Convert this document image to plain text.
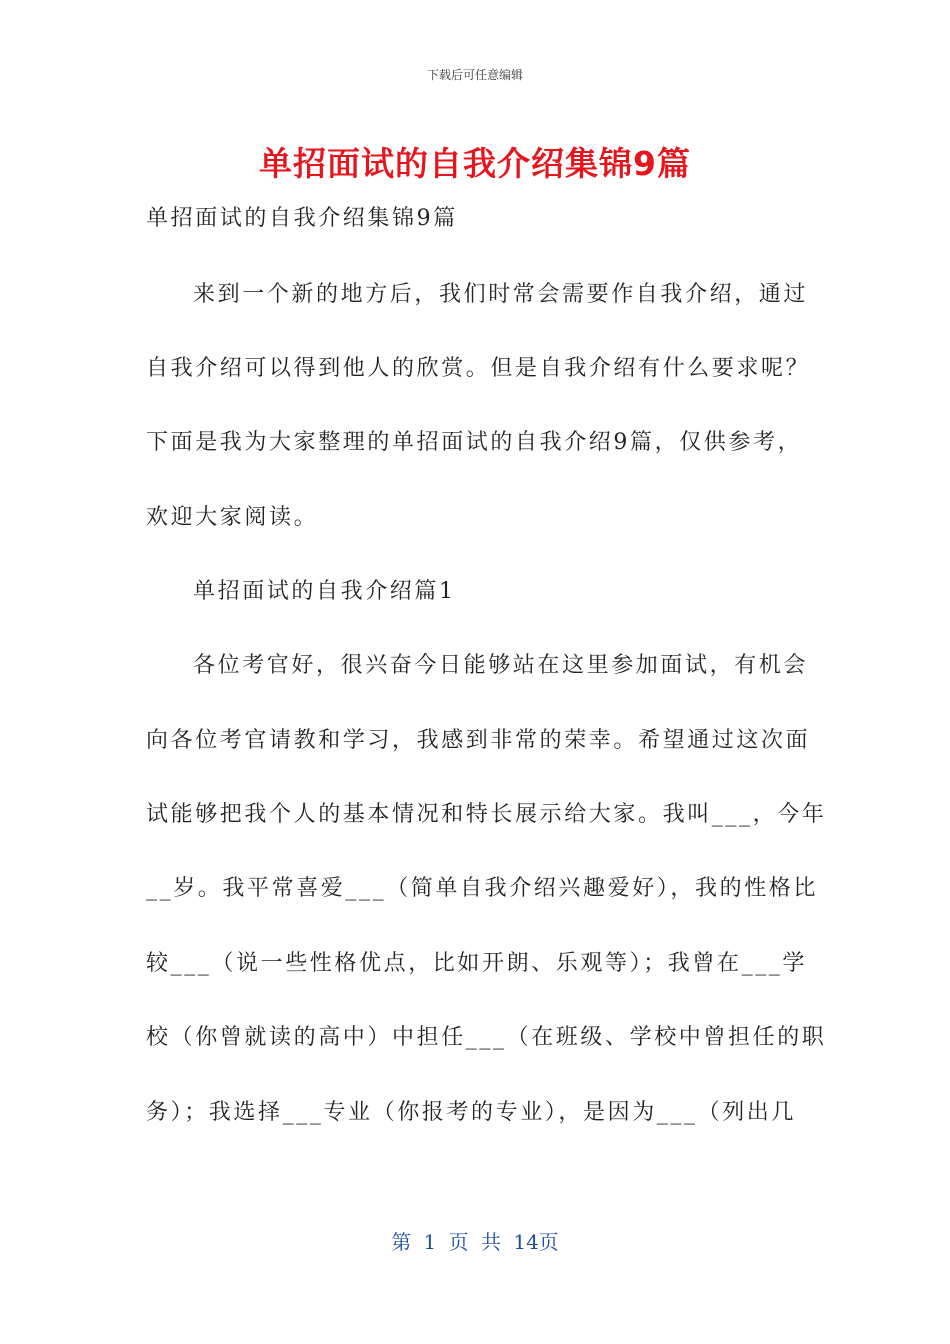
下载后可任意编辑
单招面试的自我介绍集锦9篇
单招面试的自我介绍集锦9篇
来到一个新的地方后，我们时常会需要作自我介绍，通过
自我介绍可以得到他人的欣赏。但是自我介绍有什么要求呢？
下面是我为大家整理的单招面试的自我介绍9篇，仅供参考，
欢迎大家阅读。
单招面试的自我介绍篇1
各位考官好，很兴奋今日能够站在这里参加面试，有机会
向各位考官请教和学习，我感到非常的荣幸。希望通过这次面
试能够把我个人的基本情况和特长展示给大家。我叫___，今年
__岁。我平常喜爱___（简单自我介绍兴趣爱好），我的性格比
较___（说一些性格优点，比如开朗、乐观等）；我曾在___学
校（你曾就读的高中）中担任___（在班级、学校中曾担任的职
务）；我选择___专业（你报考的专业），是因为___（列出几
第 1 页 共 14页
